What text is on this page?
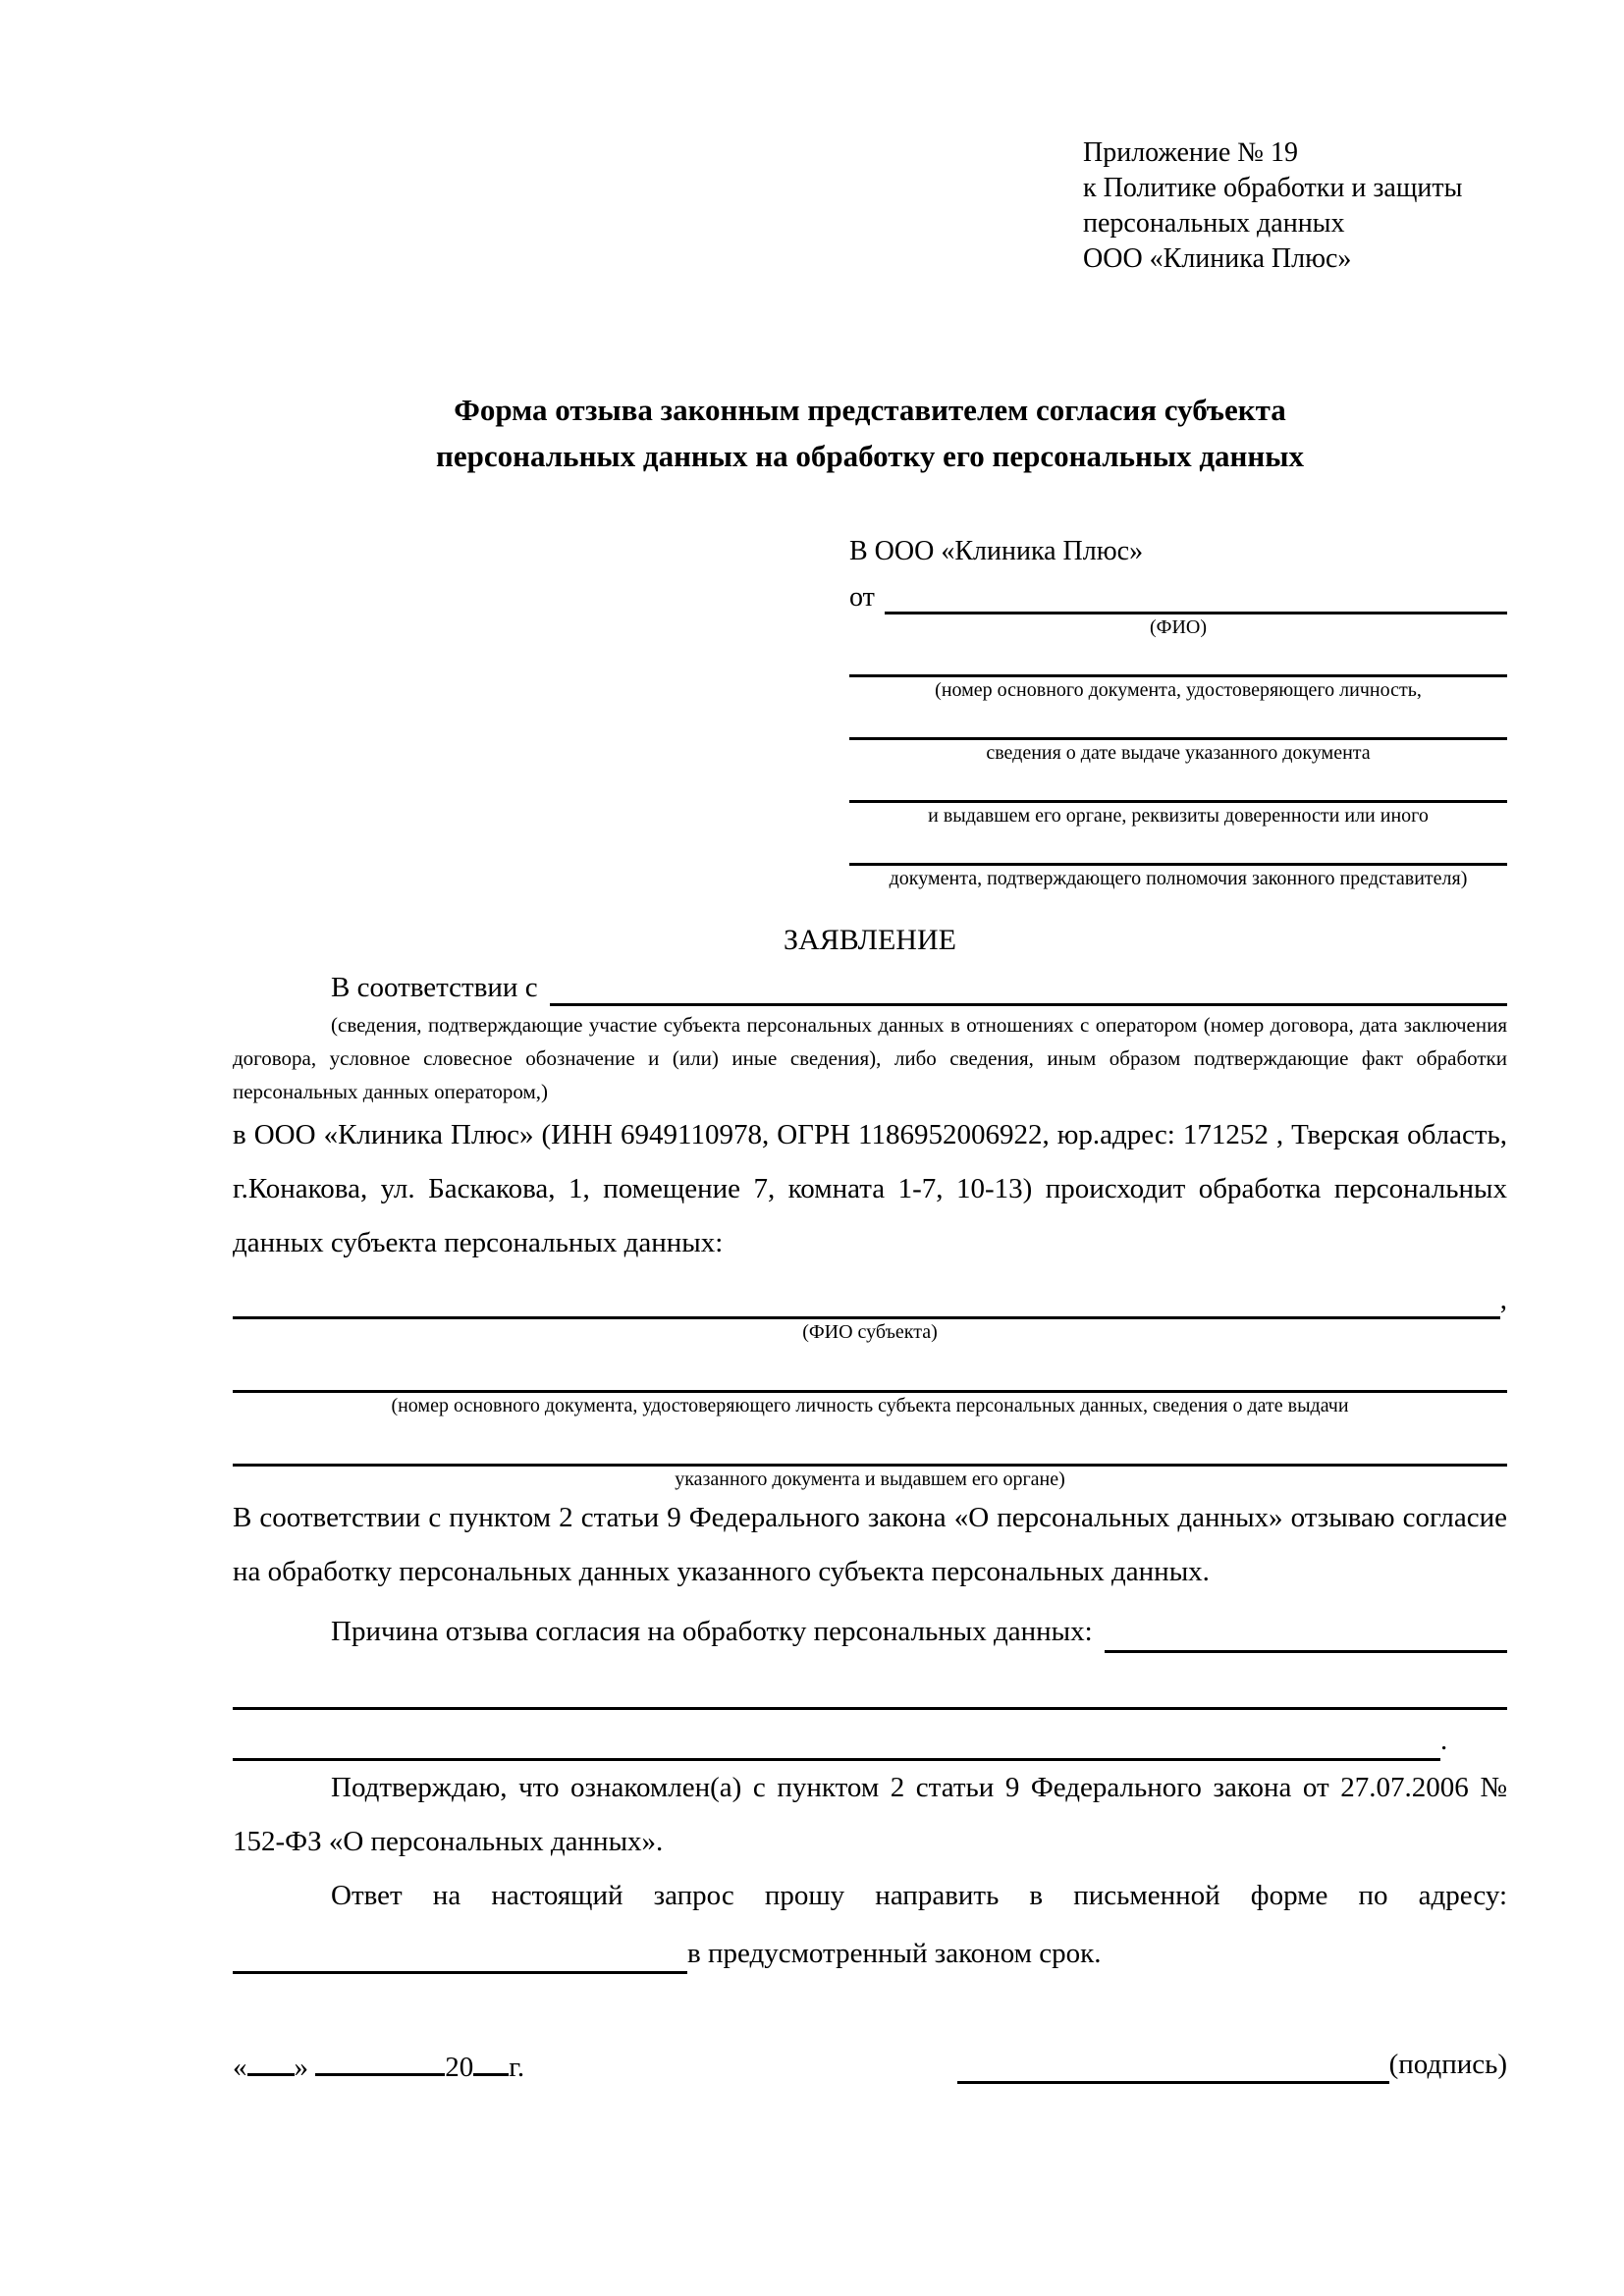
Приложение № 19
к Политике обработки и защиты
персональных данных
ООО «Клиника Плюс»
Форма отзыва законным представителем согласия субъекта
персональных данных на обработку его персональных данных
В ООО «Клиника Плюс»
от
(ФИО)
(номер основного документа, удостоверяющего личность,
сведения о дате выдаче указанного документа
и выдавшем его органе, реквизиты доверенности или иного
документа, подтверждающего полномочия законного представителя)
ЗАЯВЛЕНИЕ
В соответствии с
(сведения, подтверждающие участие субъекта персональных данных в отношениях с оператором (номер договора, дата заключения договора, условное словесное обозначение и (или) иные сведения), либо сведения, иным образом подтверждающие факт обработки персональных данных оператором,)
в ООО «Клиника Плюс» (ИНН 6949110978, ОГРН 1186952006922, юр.адрес: 171252 , Тверская область, г.Конакова, ул. Баскакова, 1, помещение 7, комната 1-7, 10-13) происходит обработка персональных данных субъекта персональных данных:
,
(ФИО субъекта)
(номер основного документа, удостоверяющего личность субъекта персональных данных, сведения о дате выдачи
указанного документа и выдавшем его органе)
В соответствии с пунктом 2 статьи 9 Федерального закона «О персональных данных» отзываю согласие на обработку персональных данных указанного субъекта персональных данных.
Причина отзыва согласия на обработку персональных данных:
.
Подтверждаю, что ознакомлен(а) с пунктом 2 статьи 9 Федерального закона от 27.07.2006 № 152-ФЗ «О персональных данных».
Ответ на настоящий запрос прошу направить в письменной форме по адресу:
в предусмотренный законом срок.
« »	20 г.	(подпись)
